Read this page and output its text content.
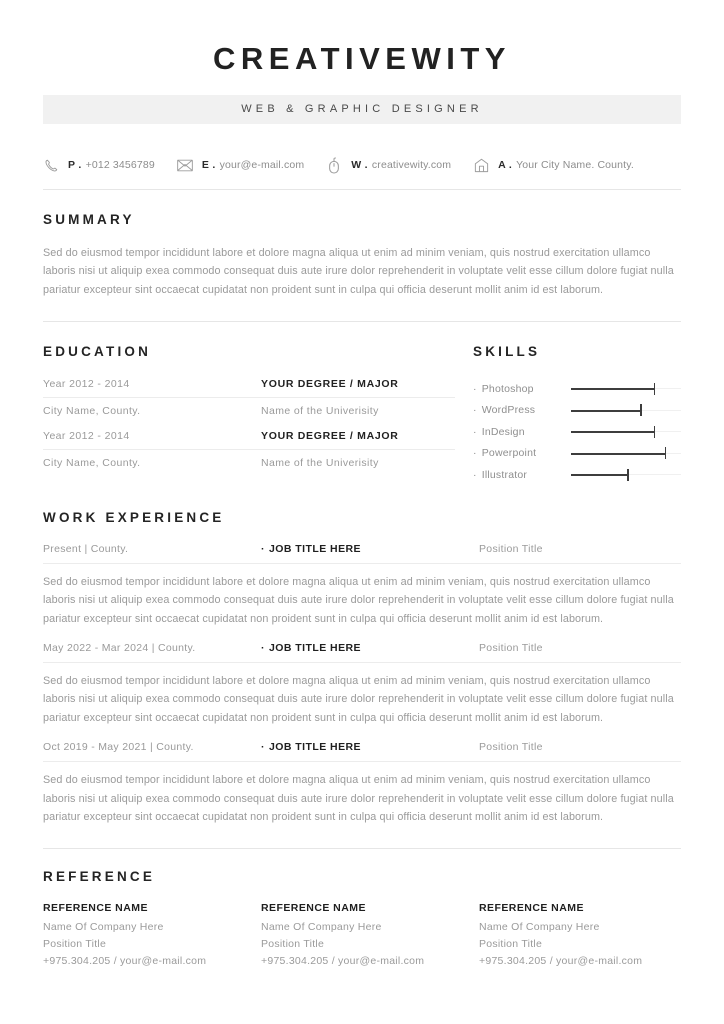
CREATIVEWITY
WEB & GRAPHIC DESIGNER
P . +012 3456789	E . your@e-mail.com	W . creativewity.com	A . Your City Name. County.
SUMMARY
Sed do eiusmod tempor incididunt labore et dolore magna aliqua ut enim ad minim veniam, quis nostrud exercitation ullamco laboris nisi ut aliquip exea commodo consequat duis aute irure dolor reprehenderit in voluptate velit esse cillum dolore fugiat nulla pariatur excepteur sint occaecat cupidatat non proident sunt in culpa qui officia deserunt mollit anim id est laborum.
EDUCATION
Year 2012 - 2014	YOUR DEGREE / MAJOR
City Name, County.	Name of the Univerisity
Year 2012 - 2014	YOUR DEGREE / MAJOR
City Name, County.	Name of the Univerisity
SKILLS
· Photoshop
· WordPress
· InDesign
· Powerpoint
· Illustrator
WORK EXPERIENCE
Present | County.	· JOB TITLE HERE	Position Title
Sed do eiusmod tempor incididunt labore et dolore magna aliqua ut enim ad minim veniam, quis nostrud exercitation ullamco laboris nisi ut aliquip exea commodo consequat duis aute irure dolor reprehenderit in voluptate velit esse cillum dolore fugiat nulla pariatur excepteur sint occaecat cupidatat non proident sunt in culpa qui officia deserunt mollit anim id est laborum.
May 2022 - Mar 2024 | County.	· JOB TITLE HERE	Position Title
Sed do eiusmod tempor incididunt labore et dolore magna aliqua ut enim ad minim veniam, quis nostrud exercitation ullamco laboris nisi ut aliquip exea commodo consequat duis aute irure dolor reprehenderit in voluptate velit esse cillum dolore fugiat nulla pariatur excepteur sint occaecat cupidatat non proident sunt in culpa qui officia deserunt mollit anim id est laborum.
Oct 2019 - May 2021 | County.	· JOB TITLE HERE	Position Title
Sed do eiusmod tempor incididunt labore et dolore magna aliqua ut enim ad minim veniam, quis nostrud exercitation ullamco laboris nisi ut aliquip exea commodo consequat duis aute irure dolor reprehenderit in voluptate velit esse cillum dolore fugiat nulla pariatur excepteur sint occaecat cupidatat non proident sunt in culpa qui officia deserunt mollit anim id est laborum.
REFERENCE
REFERENCE NAME
Name Of Company Here
Position Title
+975.304.205 / your@e-mail.com
REFERENCE NAME
Name Of Company Here
Position Title
+975.304.205 / your@e-mail.com
REFERENCE NAME
Name Of Company Here
Position Title
+975.304.205 / your@e-mail.com
